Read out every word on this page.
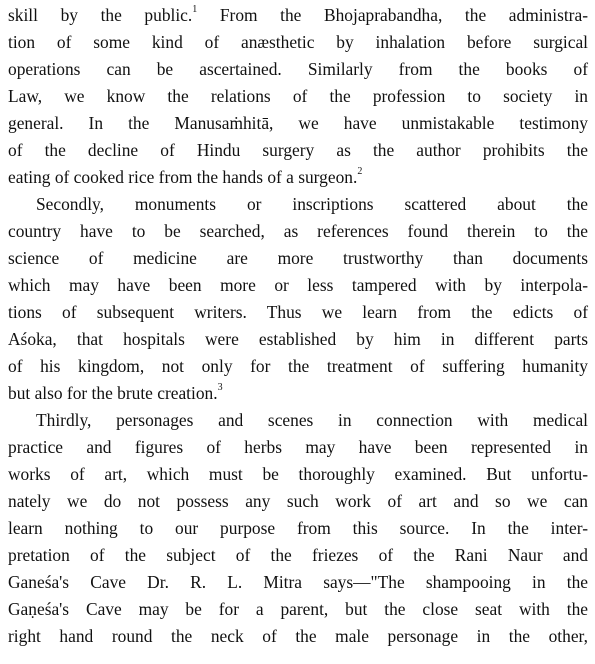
skill by the public.$^1$ From the Bhojaprabandha, the administra-
tion of some kind of anæsthetic by inhalation before surgical
operations can be ascertained. Similarly from the books of
Law, we know the relations of the profession to society in
general. In the Manusaṁhitā, we have unmistakable testimony
of the decline of Hindu surgery as the author prohibits the
eating of cooked rice from the hands of a surgeon.$^2$
Secondly, monuments or inscriptions scattered about the
country have to be searched, as references found therein to the
science of medicine are more trustworthy than documents
which may have been more or less tampered with by interpola-
tions of subsequent writers. Thus we learn from the edicts of
Aśoka, that hospitals were established by him in different parts
of his kingdom, not only for the treatment of suffering humanity
but also for the brute creation.$^3$
Thirdly, personages and scenes in connection with medical
practice and figures of herbs may have been represented in
works of art, which must be thoroughly examined. But unfortu-
nately we do not possess any such work of art and so we can
learn nothing to our purpose from this source. In the inter-
pretation of the subject of the friezes of the Rani Naur and
Ganeśa's Cave Dr. R. L. Mitra says—"The shampooing in the
Gaṇeśa's Cave may be for a parent, but the close seat with the
right hand round the neck of the male personage in the other,
